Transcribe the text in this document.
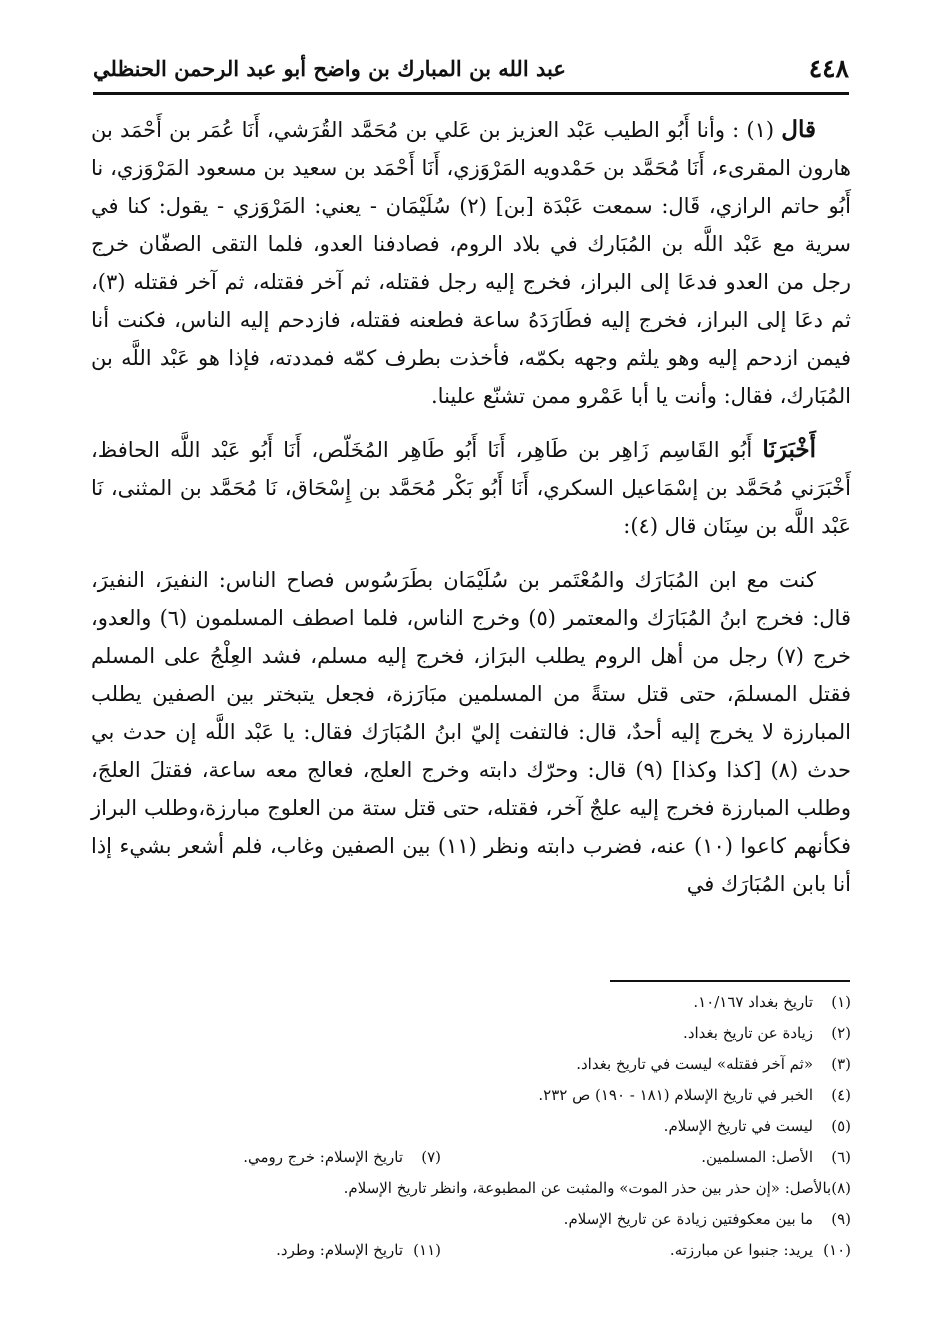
٤٤٨
عبد الله بن المبارك بن واضح أبو عبد الرحمن الحنظلي

قال (١) : وأنا أَبُو الطيب عَبْد العزيز بن عَلي بن مُحَمَّد القُرَشي، أَنَا عُمَر بن أَحْمَد بن هارون المقرىء، أَنَا مُحَمَّد بن حَمْدويه المَرْوَزي، أَنَا أَحْمَد بن سعيد بن مسعود المَرْوَزي، نا أَبُو حاتم الرازي، قَال: سمعت عَبْدَة [بن] (٢) سُلَيْمَان - يعني: المَرْوَزي - يقول: كنا في سرية مع عَبْد اللَّه بن المُبَارك في بلاد الروم، فصادفنا العدو، فلما التقى الصفّان خرج رجل من العدو فدعَا إلى البراز، فخرج إليه رجل فقتله، ثم آخر فقتله، ثم آخر فقتله (٣)، ثم دعَا إلى البراز، فخرج إليه فطَارَدَهُ ساعة فطعنه فقتله، فازدحم إليه الناس، فكنت أنا فيمن ازدحم إليه وهو يلثم وجهه بكمّه، فأخذت بطرف كمّه فمددته، فإذا هو عَبْد اللَّه بن المُبَارك، فقال: وأنت يا أبا عَمْرو ممن تشنّع علينا.

أَخْبَرَنَا أَبُو القَاسِم زَاهِر بن طَاهِر، أَنَا أَبُو طَاهِر المُخَلّص، أَنَا أَبُو عَبْد اللَّه الحافظ، أَخْبَرَني مُحَمَّد بن إسْمَاعيل السكري، أَنَا أَبُو بَكْر مُحَمَّد بن إِسْحَاق، نَا مُحَمَّد بن المثنى، نَا عَبْد اللَّه بن سِنَان قال (٤):

كنت مع ابن المُبَارَك والمُعْتَمر بن سُلَيْمَان بطَرَسُوس فصاح الناس: النفيرَ، النفيرَ، قال: فخرج ابنُ المُبَارَك والمعتمر (٥) وخرج الناس، فلما اصطف المسلمون (٦) والعدو، خرج (٧) رجل من أهل الروم يطلب البرَاز، فخرج إليه مسلم، فشد العِلْجُ على المسلم فقتل المسلمَ، حتى قتل ستةً من المسلمين مبَارَزة، فجعل يتبختر بين الصفين يطلب المبارزة لا يخرج إليه أحدٌ، قال: فالتفت إليّ ابنُ المُبَارَك فقال: يا عَبْد اللَّه إن حدث بي حدث (٨) [كذا وكذا] (٩) قال: وحرّك دابته وخرج العلج، فعالج معه ساعة، فقتلَ العلجَ، وطلب المبارزة فخرج إليه علجٌ آخر، فقتله، حتى قتل ستة من العلوج مبارزة،وطلب البراز فكأنهم كاعوا (١٠) عنه، فضرب دابته ونظر (١١) بين الصفين وغاب، فلم أشعر بشيء إذا أنا بابن المُبَارَك في

(١)
تاريخ بغداد ١٠/١٦٧.
(٢)
زيادة عن تاريخ بغداد.
(٣)
«ثم آخر فقتله» ليست في تاريخ بغداد.
(٤)
الخبر في تاريخ الإسلام (١٨١ - ١٩٠) ص ٢٣٢.
(٥)
ليست في تاريخ الإسلام.
(٦)
الأصل: المسلمين.
(٧)
تاريخ الإسلام: خرج رومي.
(٨)
بالأصل: «إن حذر بين حذر الموت» والمثبت عن المطبوعة، وانظر تاريخ الإسلام.
(٩)
ما بين معكوفتين زيادة عن تاريخ الإسلام.
(١٠)
يريد: جنبوا عن مبارزته.
(١١)
تاريخ الإسلام: وطرد.
